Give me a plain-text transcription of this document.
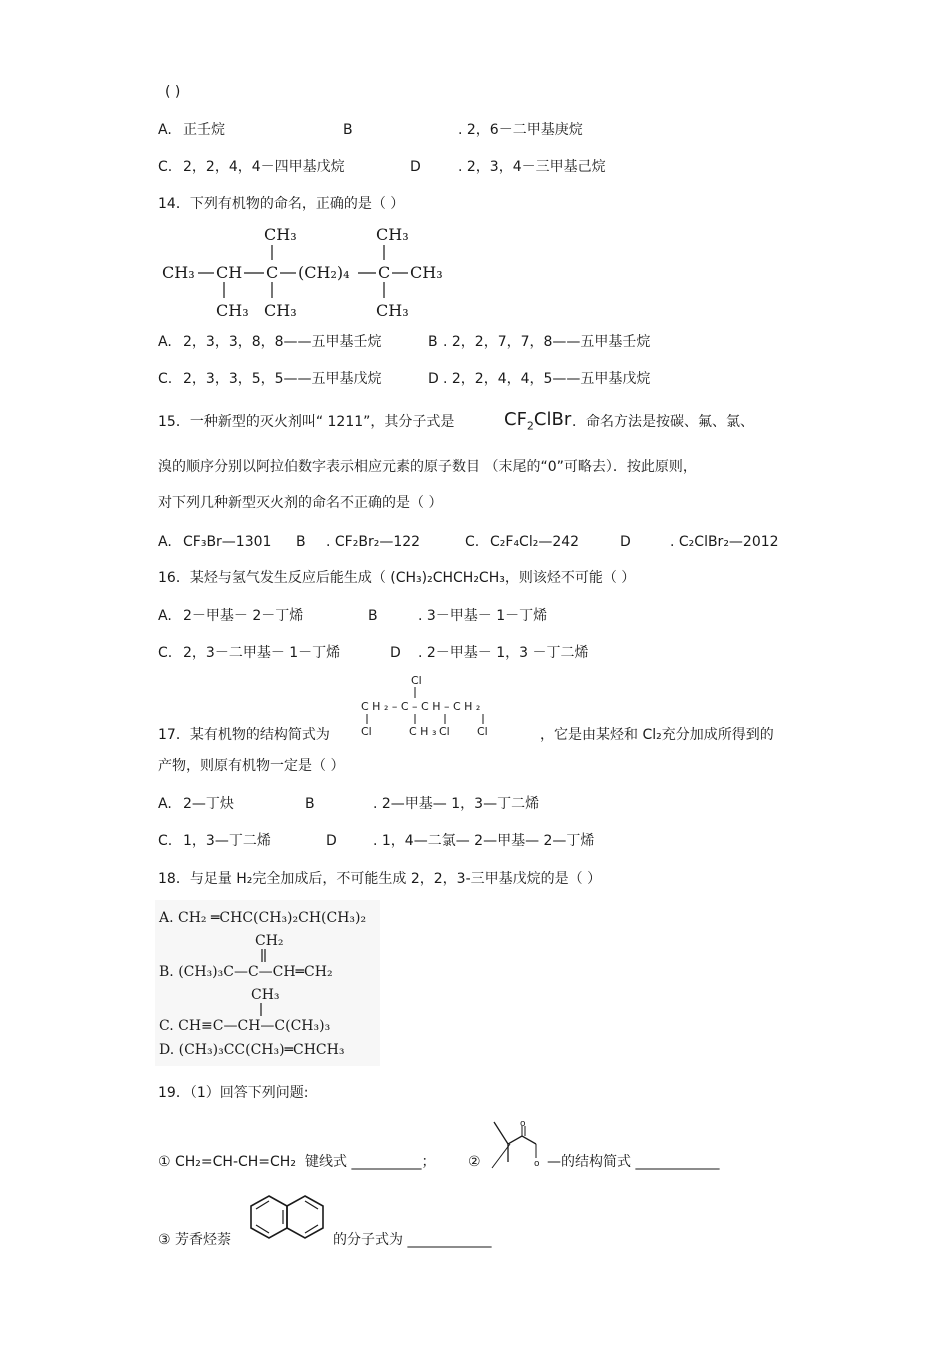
( )
A. 正壬烷	B	. 2，6－二甲基庚烷
C. 2，2，4，4－四甲基戊烷	D	. 2，3，4－三甲基己烷
14．下列有机物的命名，正确的是（ ）
CH₃	CH₃
CH₃ CH C (CH₂)₄ C CH₃
CH₃ CH₃	CH₃
A. 2，3，3，8，8——五甲基壬烷	B . 2，2，7，7，8——五甲基壬烷
C. 2，3，3，5，5——五甲基戊烷	D . 2，2，4，4，5——五甲基戊烷
15．一种新型的灭火剂叫“ 1211”，其分子式是	$CF_2ClBr$ ．命名方法是按碳、氟、氯、
溴的顺序分别以阿拉伯数字表示相应元素的原子数目 （末尾的“0”可略去）．按此原则，
对下列几种新型灭火剂的命名不正确的是（ ）
A. CF₃Br—1301 B . CF₂Br₂—122	C. C₂F₄Cl₂—242	D	. C₂ClBr₂—2012
16．某烃与氢气发生反应后能生成（ (CH₃)₂CHCH₂CH₃，则该烃不可能（ ）
A. 2－甲基－ 2－丁烯	B	. 3－甲基－ 1－丁烯
C. 2，3－二甲基－ 1－丁烯	D . 2－甲基－ 1，3 －丁二烯
17．某有机物的结构简式为
Cl
C H ₂ – C – C H – C H ₂
Cl	C H ₃ Cl Cl	，它是由某烃和 Cl₂充分加成所得到的
产物，则原有机物一定是（ ）
A. 2—丁炔	B	. 2—甲基— 1，3—丁二烯
C. 1，3—丁二烯	D	. 1，4—二氯— 2—甲基— 2—丁烯
18．与足量 H₂完全加成后，不可能生成 2，2，3-三甲基戊烷的是（ ）
A. CH₂ ═CHC(CH₃)₂CH(CH₃)₂
CH₂
B. (CH₃)₃C—C—CH═CH₂
CH₃
C. CH≡C—CH—C(CH₃)₃
D. (CH₃)₃CC(CH₃)═CHCH₃
19．（1）回答下列问题:
① CH₂=CH-CH=CH₂ 键线式 __________； ②
o
o —的结构简式 ____________
③ 芳香烃萘	的分子式为 ____________
